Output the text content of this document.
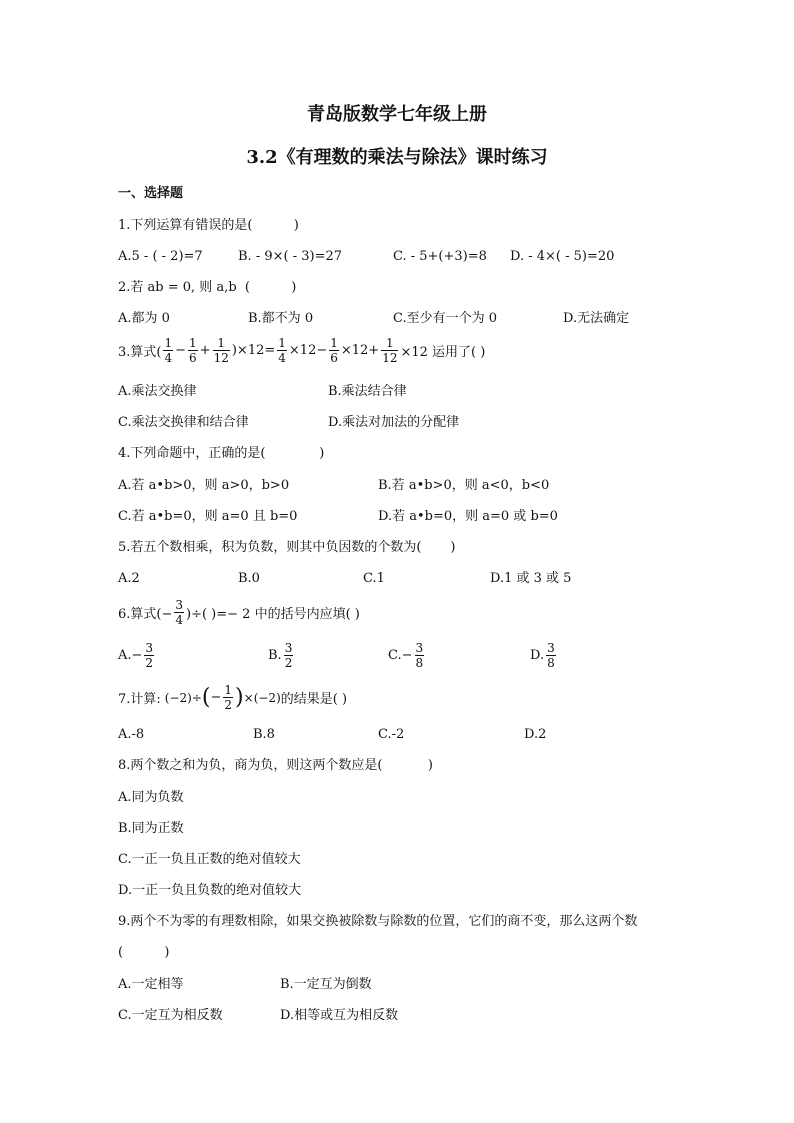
青岛版数学七年级上册
3.2《有理数的乘法与除法》课时练习
一、选择题
1.下列运算有错误的是(          )
A.5 - ( - 2)=7	B. - 9×( - 3)=27	C. - 5+(+3)=8 D. - 4×( - 5)=20
2.若 ab = 0, 则 a,b  (          )
A.都为 0	B.都不为 0	C.至少有一个为 0	D.无法确定
3.算式( $\frac{1}{4} - \frac{1}{6} + \frac{1}{12} )\times 12= \frac{1}{4} \times 12- \frac{1}{6} \times 12+ \frac{1}{12} \times 12$ 运用了( )
A.乘法交换律	B.乘法结合律
C.乘法交换律和结合律	D.乘法对加法的分配律
4.下列命题中，正确的是(             )
A.若 a•b>0，则 a>0，b>0	B.若 a•b>0，则 a<0，b<0
C.若 a•b=0，则 a=0 且 b=0	D.若 a•b=0，则 a=0 或 b=0
5.若五个数相乘，积为负数，则其中负因数的个数为(       )
A.2	B.0	C.1	D.1 或 3 或 5
6.算式(− $\frac{3}{4}$ )÷( )=− 2 中的括号内应填( )
$A.- \frac{3}{2}$	B. $\frac{3}{2}$	$C.- \frac{3}{8}$	D. $\frac{3}{8}$
7.计算: (−2)÷ ( − $\frac{1}{2}$ ) ×(−2) 的结果是( )
A.-8	B.8	C.-2	D.2
8.两个数之和为负，商为负，则这两个数应是(           )
A.同为负数
B.同为正数
C.一正一负且正数的绝对值较大
D.一正一负且负数的绝对值较大
9.两个不为零的有理数相除，如果交换被除数与除数的位置，它们的商不变，那么这两个数
(          )
A.一定相等	B.一定互为倒数
C.一定互为相反数	D.相等或互为相反数
